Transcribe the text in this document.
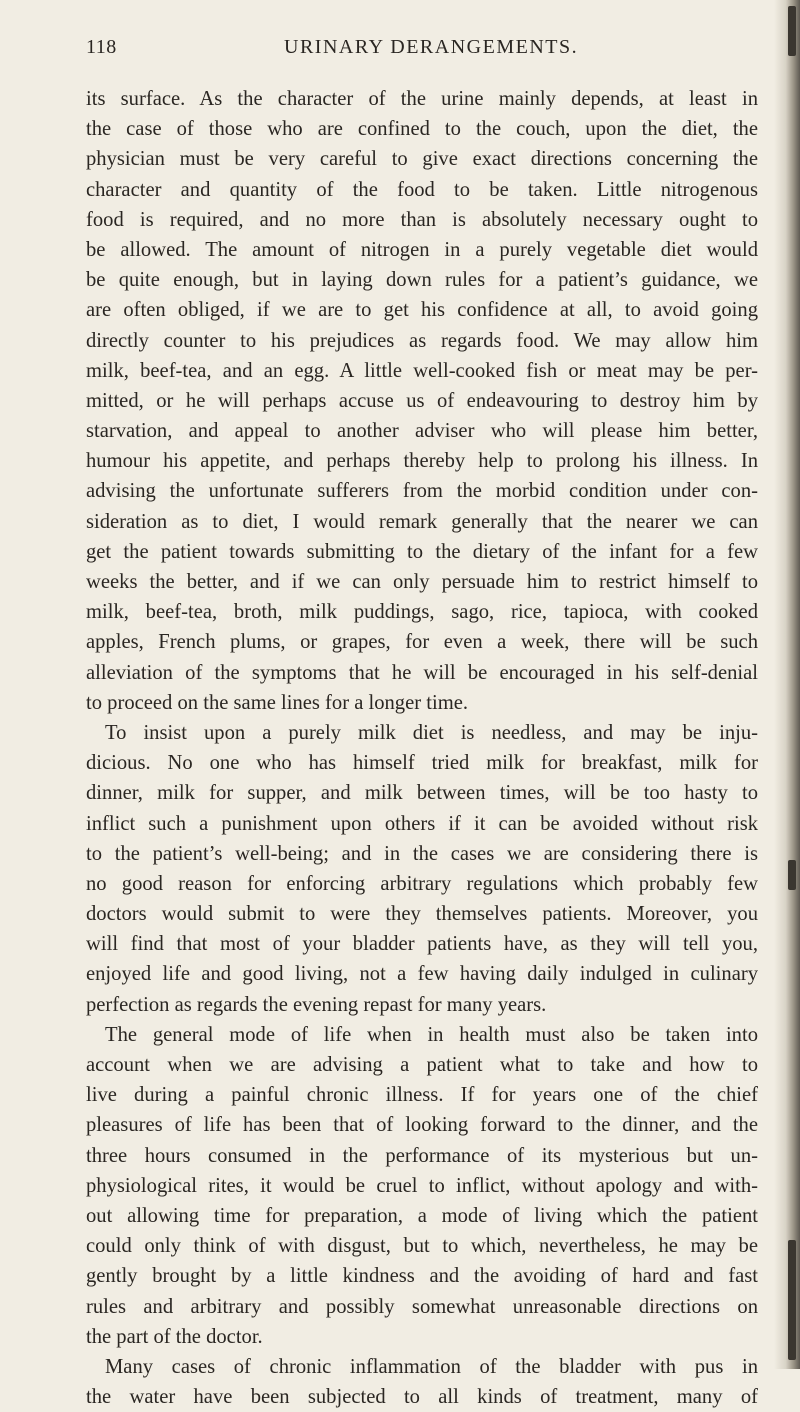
118	URINARY DERANGEMENTS.
its surface. As the character of the urine mainly depends, at least in
the case of those who are confined to the couch, upon the diet, the
physician must be very careful to give exact directions concerning the
character and quantity of the food to be taken. Little nitrogenous
food is required, and no more than is absolutely necessary ought to
be allowed. The amount of nitrogen in a purely vegetable diet would
be quite enough, but in laying down rules for a patient’s guidance, we
are often obliged, if we are to get his confidence at all, to avoid going
directly counter to his prejudices as regards food. We may allow him
milk, beef-tea, and an egg. A little well-cooked fish or meat may be per-
mitted, or he will perhaps accuse us of endeavouring to destroy him by
starvation, and appeal to another adviser who will please him better,
humour his appetite, and perhaps thereby help to prolong his illness. In
advising the unfortunate sufferers from the morbid condition under con-
sideration as to diet, I would remark generally that the nearer we can
get the patient towards submitting to the dietary of the infant for a few
weeks the better, and if we can only persuade him to restrict himself to
milk, beef-tea, broth, milk puddings, sago, rice, tapioca, with cooked
apples, French plums, or grapes, for even a week, there will be such
alleviation of the symptoms that he will be encouraged in his self-denial
to proceed on the same lines for a longer time.
To insist upon a purely milk diet is needless, and may be inju-
dicious. No one who has himself tried milk for breakfast, milk for
dinner, milk for supper, and milk between times, will be too hasty to
inflict such a punishment upon others if it can be avoided without risk
to the patient’s well-being; and in the cases we are considering there is
no good reason for enforcing arbitrary regulations which probably few
doctors would submit to were they themselves patients. Moreover, you
will find that most of your bladder patients have, as they will tell you,
enjoyed life and good living, not a few having daily indulged in culinary
perfection as regards the evening repast for many years.
The general mode of life when in health must also be taken into
account when we are advising a patient what to take and how to
live during a painful chronic illness. If for years one of the chief
pleasures of life has been that of looking forward to the dinner, and the
three hours consumed in the performance of its mysterious but un-
physiological rites, it would be cruel to inflict, without apology and with-
out allowing time for preparation, a mode of living which the patient
could only think of with disgust, but to which, nevertheless, he may be
gently brought by a little kindness and the avoiding of hard and fast
rules and arbitrary and possibly somewhat unreasonable directions on
the part of the doctor.
Many cases of chronic inflammation of the bladder with pus in
the water have been subjected to all kinds of treatment, many of
